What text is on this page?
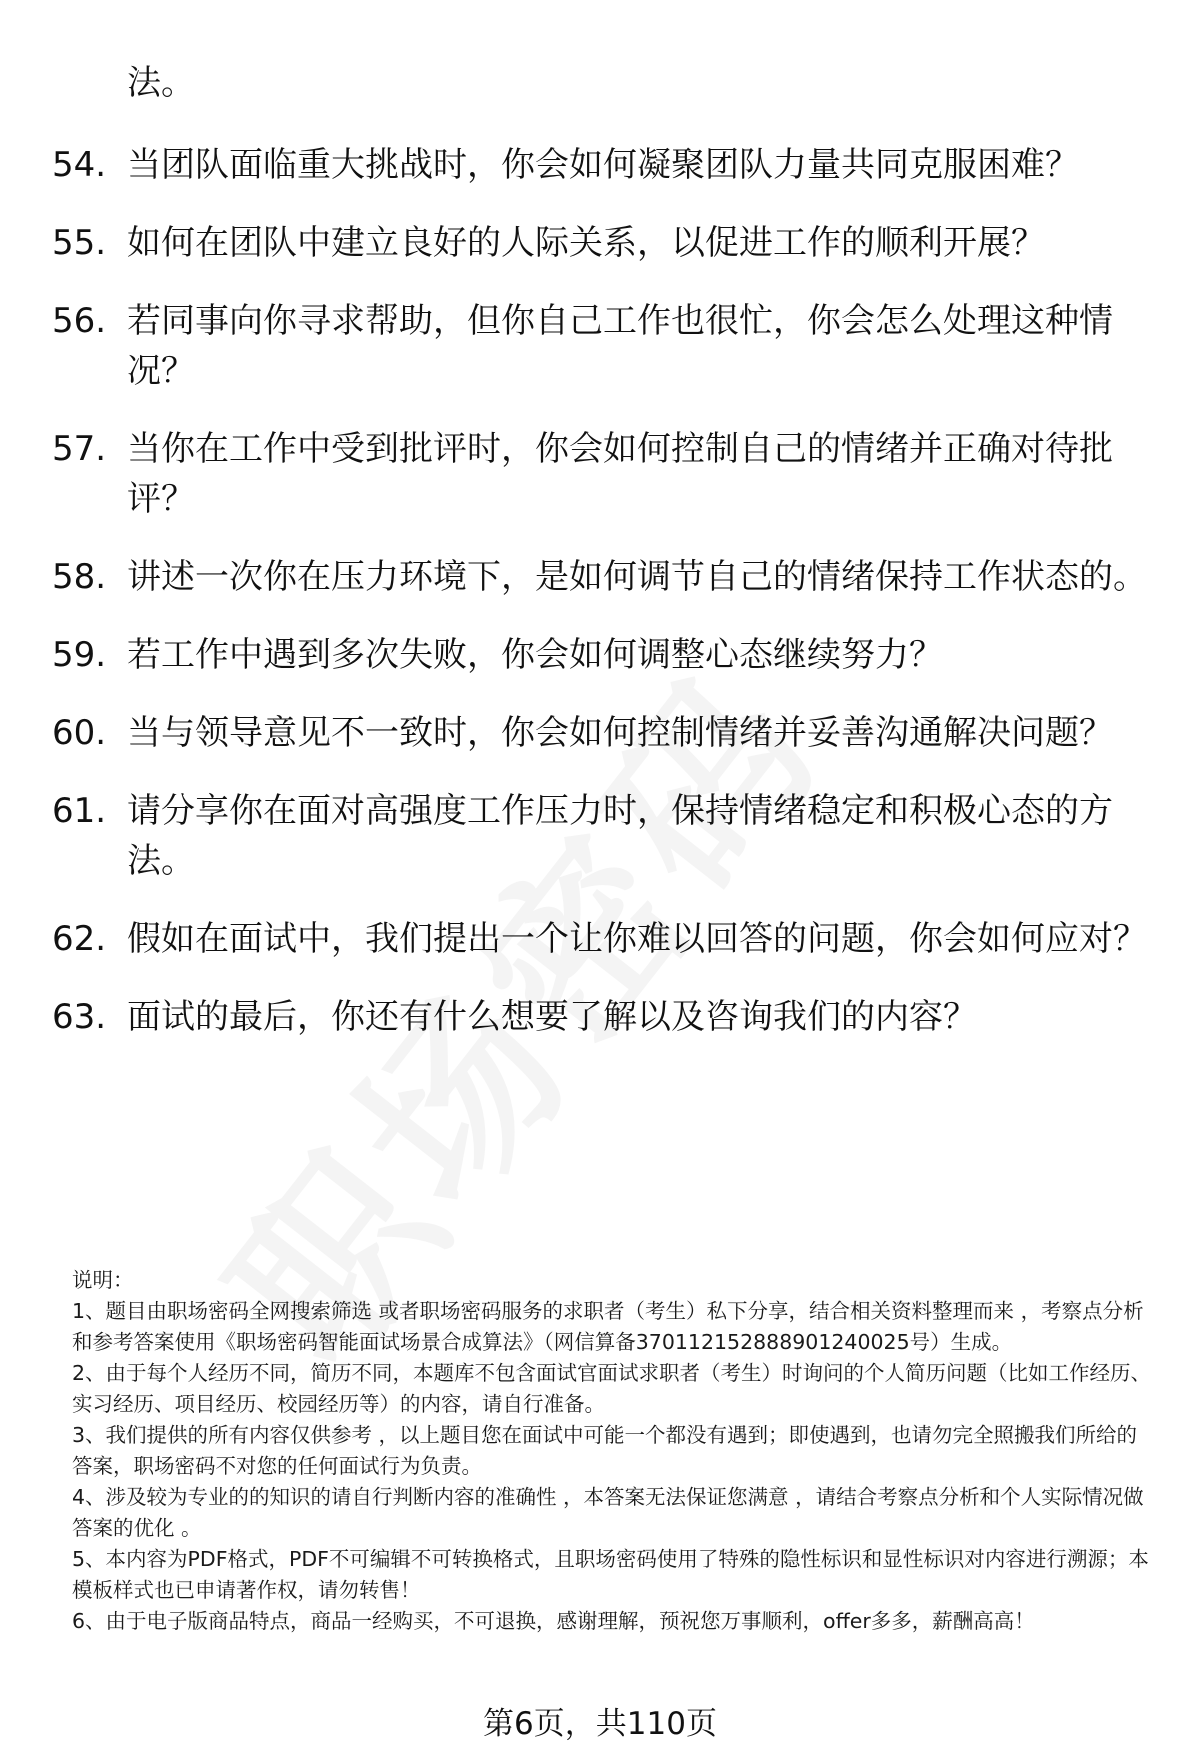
法。
54. 当团队面临重大挑战时，你会如何凝聚团队力量共同克服困难？
55. 如何在团队中建立良好的人际关系，以促进工作的顺利开展？
56. 若同事向你寻求帮助，但你自己工作也很忙，你会怎么处理这种情况？
57. 当你在工作中受到批评时，你会如何控制自己的情绪并正确对待批评？
58. 讲述一次你在压力环境下，是如何调节自己的情绪保持工作状态的。
59. 若工作中遇到多次失败，你会如何调整心态继续努力？
60. 当与领导意见不一致时，你会如何控制情绪并妥善沟通解决问题？
61. 请分享你在面对高强度工作压力时，保持情绪稳定和积极心态的方法。
62. 假如在面试中，我们提出一个让你难以回答的问题，你会如何应对？
63. 面试的最后，你还有什么想要了解以及咨询我们的内容？

说明：

1、题目由职场密码全网搜索筛选 或者职场密码服务的求职者（考生）私下分享，结合相关资料整理而来 ，考察点分析和参考答案使用《职场密码智能面试场景合成算法》（网信算备370112152888901240025号）生成。

2、由于每个人经历不同，简历不同，本题库不包含面试官面试求职者（考生）时询问的个人简历问题（比如工作经历、实习经历、项目经历、校园经历等）的内容，请自行准备。

3、我们提供的所有内容仅供参考 ，以上题目您在面试中可能一个都没有遇到；即使遇到，也请勿完全照搬我们所给的答案，职场密码不对您的任何面试行为负责。

4、涉及较为专业的的知识的请自行判断内容的准确性 ，本答案无法保证您满意 ，请结合考察点分析和个人实际情况做答案的优化 。

5、本内容为PDF格式，PDF不可编辑不可转换格式，且职场密码使用了特殊的隐性标识和显性标识对内容进行溯源；本模板样式也已申请著作权，请勿转售！

6、由于电子版商品特点，商品一经购买，不可退换，感谢理解，预祝您万事顺利，offer多多，薪酬高高！

第6页，共110页
